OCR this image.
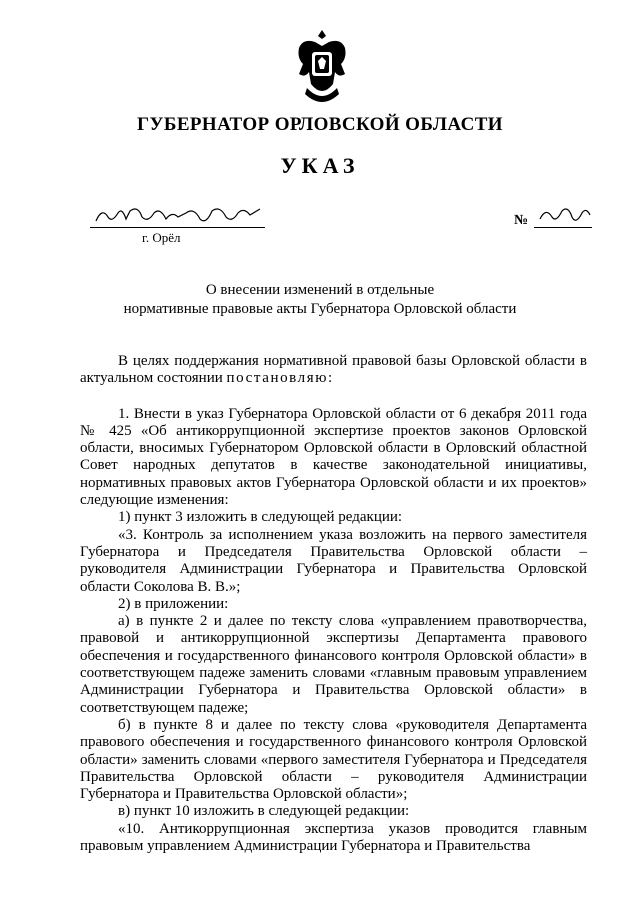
ГУБЕРНАТОР ОРЛОВСКОЙ ОБЛАСТИ
УКАЗ
г. Орёл
№
О внесении изменений в отдельные
нормативные правовые акты Губернатора Орловской области

В целях поддержания нормативной правовой базы Орловской области в актуальном состоянии постановляю:

1. Внести в указ Губернатора Орловской области от 6 декабря 2011 года № 425 «Об антикоррупционной экспертизе проектов законов Орловской области, вносимых Губернатором Орловской области в Орловский областной Совет народных депутатов в качестве законодательной инициативы, нормативных правовых актов Губернатора Орловской области и их проектов» следующие изменения:

1) пункт 3 изложить в следующей редакции:

«3. Контроль за исполнением указа возложить на первого заместителя Губернатора и Председателя Правительства Орловской области – руководителя Администрации Губернатора и Правительства Орловской области Соколова В. В.»;

2) в приложении:

а) в пункте 2 и далее по тексту слова «управлением правотворчества, правовой и антикоррупционной экспертизы Департамента правового обеспечения и государственного финансового контроля Орловской области» в соответствующем падеже заменить словами «главным правовым управлением Администрации Губернатора и Правительства Орловской области» в соответствующем падеже;

б) в пункте 8 и далее по тексту слова «руководителя Департамента правового обеспечения и государственного финансового контроля Орловской области» заменить словами «первого заместителя Губернатора и Председателя Правительства Орловской области – руководителя Администрации Губернатора и Правительства Орловской области»;

в) пункт 10 изложить в следующей редакции:

«10. Антикоррупционная экспертиза указов проводится главным правовым управлением Администрации Губернатора и Правительства
